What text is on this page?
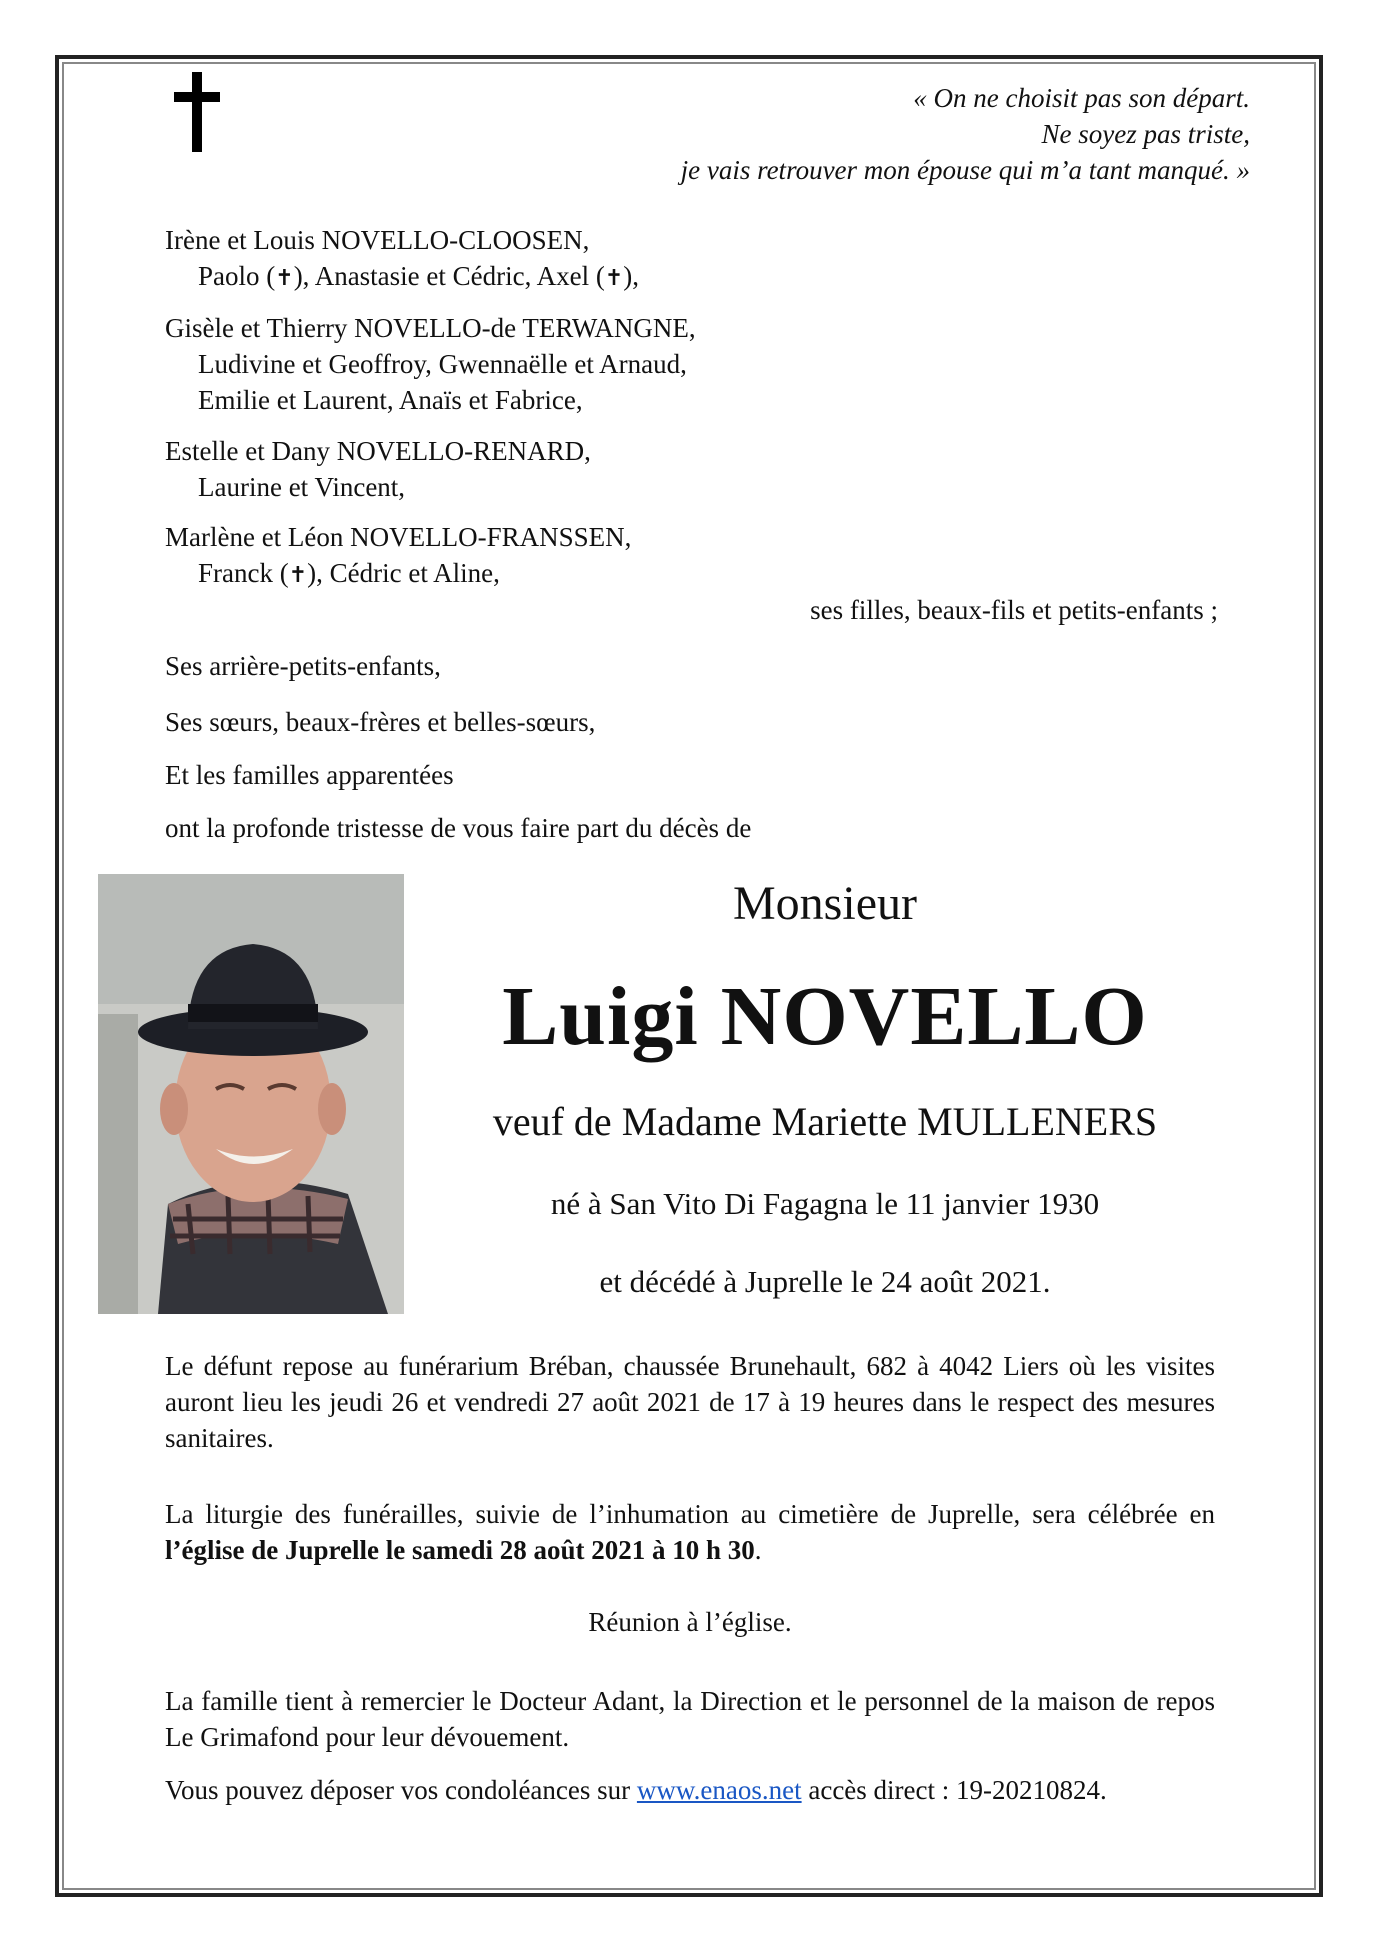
« On ne choisit pas son départ.
Ne soyez pas triste,
je vais retrouver mon épouse qui m’a tant manqué. »
Irène et Louis NOVELLO-CLOOSEN,
Paolo (✝), Anastasie et Cédric, Axel (✝),
Gisèle et Thierry NOVELLO-de TERWANGNE,
Ludivine et Geoffroy, Gwennaëlle et Arnaud,
Emilie et Laurent, Anaïs et Fabrice,
Estelle et Dany NOVELLO-RENARD,
Laurine et Vincent,
Marlène et Léon NOVELLO-FRANSSEN,
Franck (✝), Cédric et Aline,
ses filles, beaux-fils et petits-enfants ;
Ses arrière-petits-enfants,
Ses sœurs, beaux-frères et belles-sœurs,
Et les familles apparentées
ont la profonde tristesse de vous faire part du décès de
Monsieur
Luigi NOVELLO
veuf de Madame Mariette MULLENERS
né à San Vito Di Fagagna le 11 janvier 1930
et décédé à Juprelle le 24 août 2021.
Le défunt repose au funérarium Bréban, chaussée Brunehault, 682 à 4042 Liers où les visites auront lieu les jeudi 26 et vendredi 27 août 2021 de 17 à 19 heures dans le respect des mesures sanitaires.
La liturgie des funérailles, suivie de l’inhumation au cimetière de Juprelle, sera célébrée en l’église de Juprelle le samedi 28 août 2021 à 10 h 30.
Réunion à l’église.
La famille tient à remercier le Docteur Adant, la Direction et le personnel de la maison de repos Le Grimafond pour leur dévouement.
Vous pouvez déposer vos condoléances sur www.enaos.net accès direct : 19-20210824.
